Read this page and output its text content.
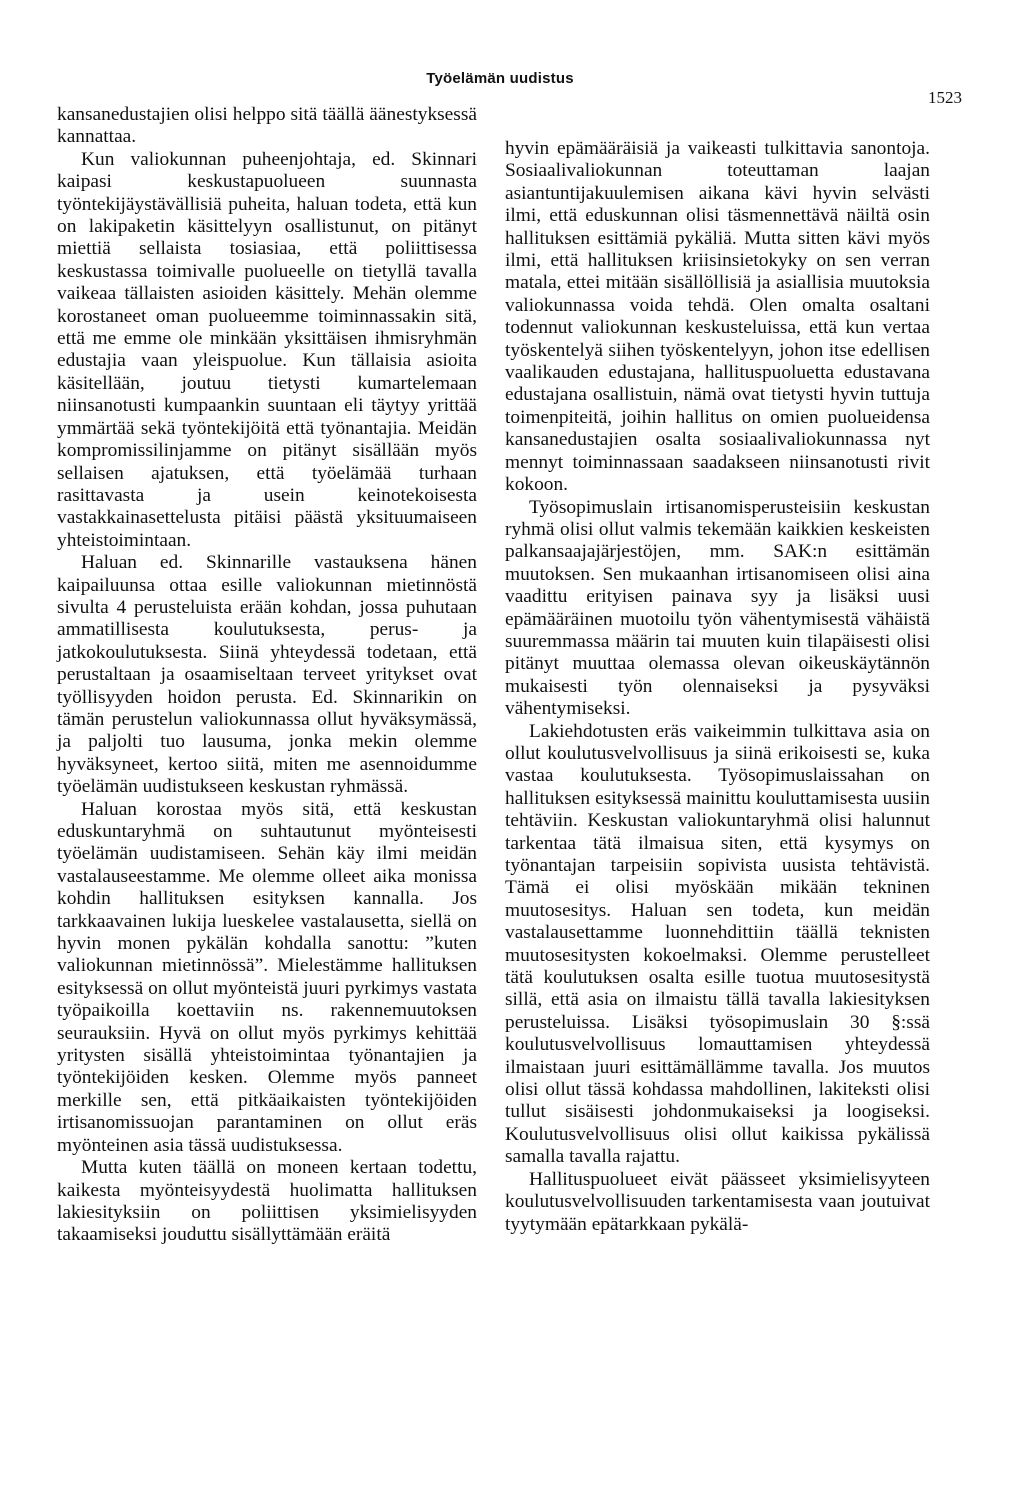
Työelämän uudistus
1523

kansanedustajien olisi helppo sitä täällä äänestyksessä kannattaa.

Kun valiokunnan puheenjohtaja, ed. Skinnari kaipasi keskustapuolueen suunnasta työntekijäystävällisiä puheita, haluan todeta, että kun on lakipaketin käsittelyyn osallistunut, on pitänyt miettiä sellaista tosiasiaa, että poliittisessa keskustassa toimivalle puolueelle on tietyllä tavalla vaikeaa tällaisten asioiden käsittely. Mehän olemme korostaneet oman puolueemme toiminnassakin sitä, että me emme ole minkään yksittäisen ihmisryhmän edustajia vaan yleispuolue. Kun tällaisia asioita käsitellään, joutuu tietysti kumartelemaan niinsanotusti kumpaankin suuntaan eli täytyy yrittää ymmärtää sekä työntekijöitä että työnantajia. Meidän kompromissilinjamme on pitänyt sisällään myös sellaisen ajatuksen, että työelämää turhaan rasittavasta ja usein keinotekoisesta vastakkainasettelusta pitäisi päästä yksituumaiseen yhteistoimintaan.

Haluan ed. Skinnarille vastauksena hänen kaipailuunsa ottaa esille valiokunnan mietinnöstä sivulta 4 perusteluista erään kohdan, jossa puhutaan ammatillisesta koulutuksesta, perus- ja jatkokoulutuksesta. Siinä yhteydessä todetaan, että perustaltaan ja osaamiseltaan terveet yritykset ovat työllisyyden hoidon perusta. Ed. Skinnarikin on tämän perustelun valiokunnassa ollut hyväksymässä, ja paljolti tuo lausuma, jonka mekin olemme hyväksyneet, kertoo siitä, miten me asennoidumme työelämän uudistukseen keskustan ryhmässä.

Haluan korostaa myös sitä, että keskustan eduskuntaryhmä on suhtautunut myönteisesti työelämän uudistamiseen. Sehän käy ilmi meidän vastalauseestamme. Me olemme olleet aika monissa kohdin hallituksen esityksen kannalla. Jos tarkkaavainen lukija lueskelee vastalausetta, siellä on hyvin monen pykälän kohdalla sanottu: ”kuten valiokunnan mietinnössä”. Mielestämme hallituksen esityksessä on ollut myönteistä juuri pyrkimys vastata työpaikoilla koettaviin ns. rakennemuutoksen seurauksiin. Hyvä on ollut myös pyrkimys kehittää yritysten sisällä yhteistoimintaa työnantajien ja työntekijöiden kesken. Olemme myös panneet merkille sen, että pitkäaikaisten työntekijöiden irtisanomissuojan parantaminen on ollut eräs myönteinen asia tässä uudistuksessa.

Mutta kuten täällä on moneen kertaan todettu, kaikesta myönteisyydestä huolimatta hallituksen lakiesityksiin on poliittisen yksimielisyyden takaamiseksi jouduttu sisällyttämään eräitä

hyvin epämääräisiä ja vaikeasti tulkittavia sanontoja. Sosiaalivaliokunnan toteuttaman laajan asiantuntijakuulemisen aikana kävi hyvin selvästi ilmi, että eduskunnan olisi täsmennettävä näiltä osin hallituksen esittämiä pykäliä. Mutta sitten kävi myös ilmi, että hallituksen kriisinsietokyky on sen verran matala, ettei mitään sisällöllisiä ja asiallisia muutoksia valiokunnassa voida tehdä. Olen omalta osaltani todennut valiokunnan keskusteluissa, että kun vertaa työskentelyä siihen työskentelyyn, johon itse edellisen vaalikauden edustajana, hallituspuoluetta edustavana edustajana osallistuin, nämä ovat tietysti hyvin tuttuja toimenpiteitä, joihin hallitus on omien puolueidensa kansanedustajien osalta sosiaalivaliokunnassa nyt mennyt toiminnassaan saadakseen niinsanotusti rivit kokoon.

Työsopimuslain irtisanomisperusteisiin keskustan ryhmä olisi ollut valmis tekemään kaikkien keskeisten palkansaajajärjestöjen, mm. SAK:n esittämän muutoksen. Sen mukaanhan irtisanomiseen olisi aina vaadittu erityisen painava syy ja lisäksi uusi epämääräinen muotoilu työn vähentymisestä vähäistä suuremmassa määrin tai muuten kuin tilapäisesti olisi pitänyt muuttaa olemassa olevan oikeuskäytännön mukaisesti työn olennaiseksi ja pysyväksi vähentymiseksi.

Lakiehdotusten eräs vaikeimmin tulkittava asia on ollut koulutusvelvollisuus ja siinä erikoisesti se, kuka vastaa koulutuksesta. Työsopimuslaissahan on hallituksen esityksessä mainittu kouluttamisesta uusiin tehtäviin. Keskustan valiokuntaryhmä olisi halunnut tarkentaa tätä ilmaisua siten, että kysymys on työnantajan tarpeisiin sopivista uusista tehtävistä. Tämä ei olisi myöskään mikään tekninen muutosesitys. Haluan sen todeta, kun meidän vastalausettamme luonnehdittiin täällä teknisten muutosesitysten kokoelmaksi. Olemme perustelleet tätä koulutuksen osalta esille tuotua muutosesitystä sillä, että asia on ilmaistu tällä tavalla lakiesityksen perusteluissa. Lisäksi työsopimuslain 30 §:ssä koulutusvelvollisuus lomauttamisen yhteydessä ilmaistaan juuri esittämällämme tavalla. Jos muutos olisi ollut tässä kohdassa mahdollinen, lakiteksti olisi tullut sisäisesti johdonmukaiseksi ja loogiseksi. Koulutusvelvollisuus olisi ollut kaikissa pykälissä samalla tavalla rajattu.

Hallituspuolueet eivät päässeet yksimielisyyteen koulutusvelvollisuuden tarkentamisesta vaan joutuivat tyytymään epätarkkaan pykälä-
